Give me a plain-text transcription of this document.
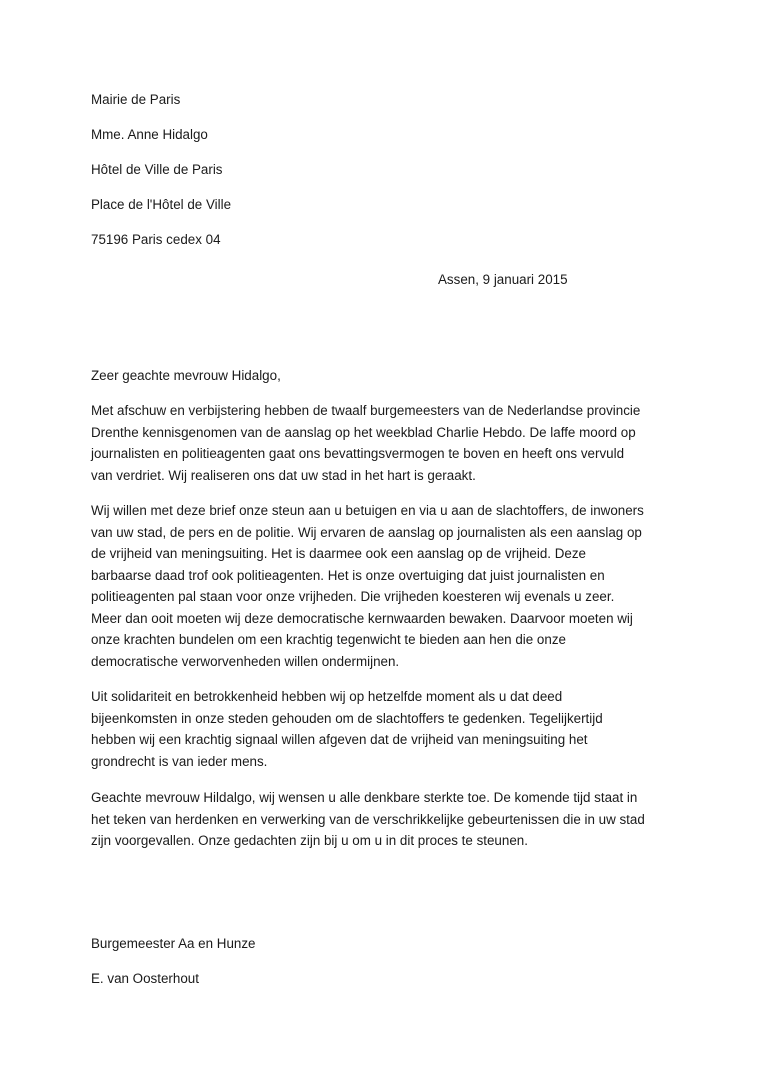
Mairie de Paris

Mme. Anne Hidalgo

Hôtel de Ville de Paris

Place de l'Hôtel de Ville

75196 Paris cedex 04

Assen, 9 januari 2015

Zeer geachte mevrouw Hidalgo,

Met afschuw en verbijstering hebben de twaalf burgemeesters van de Nederlandse provincie
Drenthe kennisgenomen van de aanslag op het weekblad Charlie Hebdo. De laffe moord op
journalisten en politieagenten gaat ons bevattingsvermogen te boven en heeft ons vervuld
van verdriet. Wij realiseren ons dat uw stad in het hart is geraakt.
Wij willen met deze brief onze steun aan u betuigen en via u aan de slachtoffers, de inwoners
van uw stad, de pers en de politie. Wij ervaren de aanslag op journalisten als een aanslag op
de vrijheid van meningsuiting. Het is daarmee ook een aanslag op de vrijheid. Deze
barbaarse daad trof ook politieagenten. Het is onze overtuiging dat juist journalisten en
politieagenten pal staan voor onze vrijheden. Die vrijheden koesteren wij evenals u zeer.
Meer dan ooit moeten wij deze democratische kernwaarden bewaken. Daarvoor moeten wij
onze krachten bundelen om een krachtig tegenwicht te bieden aan hen die onze
democratische verworvenheden willen ondermijnen.
Uit solidariteit en betrokkenheid hebben wij op hetzelfde moment als u dat deed
bijeenkomsten in onze steden gehouden om de slachtoffers te gedenken. Tegelijkertijd
hebben wij een krachtig signaal willen afgeven dat de vrijheid van meningsuiting het
grondrecht is van ieder mens.
Geachte mevrouw Hildalgo, wij wensen u alle denkbare sterkte toe. De komende tijd staat in
het teken van herdenken en verwerking van de verschrikkelijke gebeurtenissen die in uw stad
zijn voorgevallen. Onze gedachten zijn bij u om u in dit proces te steunen.

Burgemeester Aa en Hunze

E. van Oosterhout
